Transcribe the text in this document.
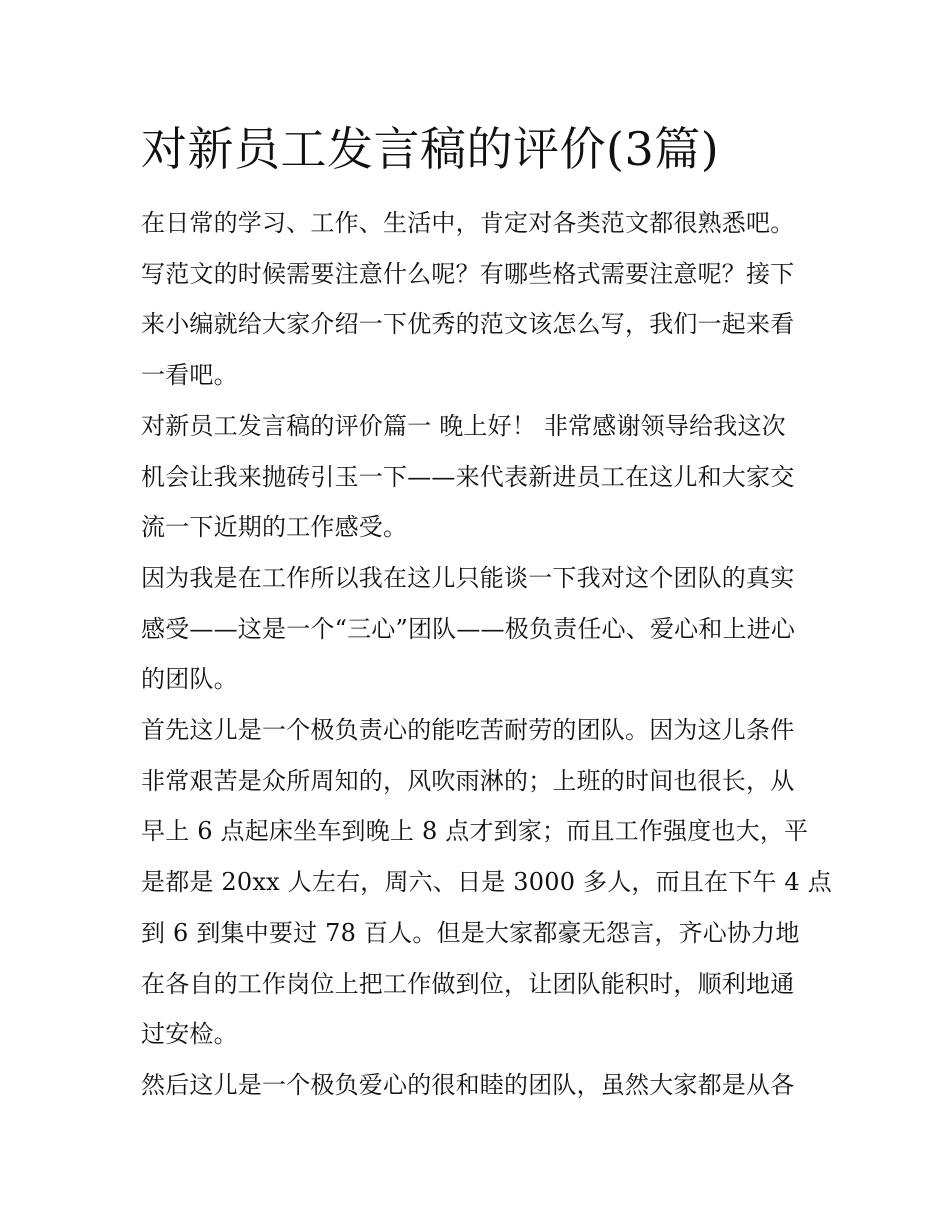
对新员工发言稿的评价(3篇)

在日常的学习、工作、生活中，肯定对各类范文都很熟悉吧。
写范文的时候需要注意什么呢？有哪些格式需要注意呢？接下
来小编就给大家介绍一下优秀的范文该怎么写，我们一起来看
一看吧。

对新员工发言稿的评价篇一 晚上好！ 非常感谢领导给我这次
机会让我来抛砖引玉一下——来代表新进员工在这儿和大家交
流一下近期的工作感受。

因为我是在工作所以我在这儿只能谈一下我对这个团队的真实
感受——这是一个“三心”团队——极负责任心、爱心和上进心
的团队。

首先这儿是一个极负责心的能吃苦耐劳的团队。因为这儿条件
非常艰苦是众所周知的，风吹雨淋的；上班的时间也很长，从
早上 6 点起床坐车到晚上 8 点才到家；而且工作强度也大，平
是都是 20xx 人左右，周六、日是 3000 多人，而且在下午 4 点
到 6 到集中要过 78 百人。但是大家都豪无怨言，齐心协力地
在各自的工作岗位上把工作做到位，让团队能积时，顺利地通
过安检。

然后这儿是一个极负爱心的很和睦的团队，虽然大家都是从各
